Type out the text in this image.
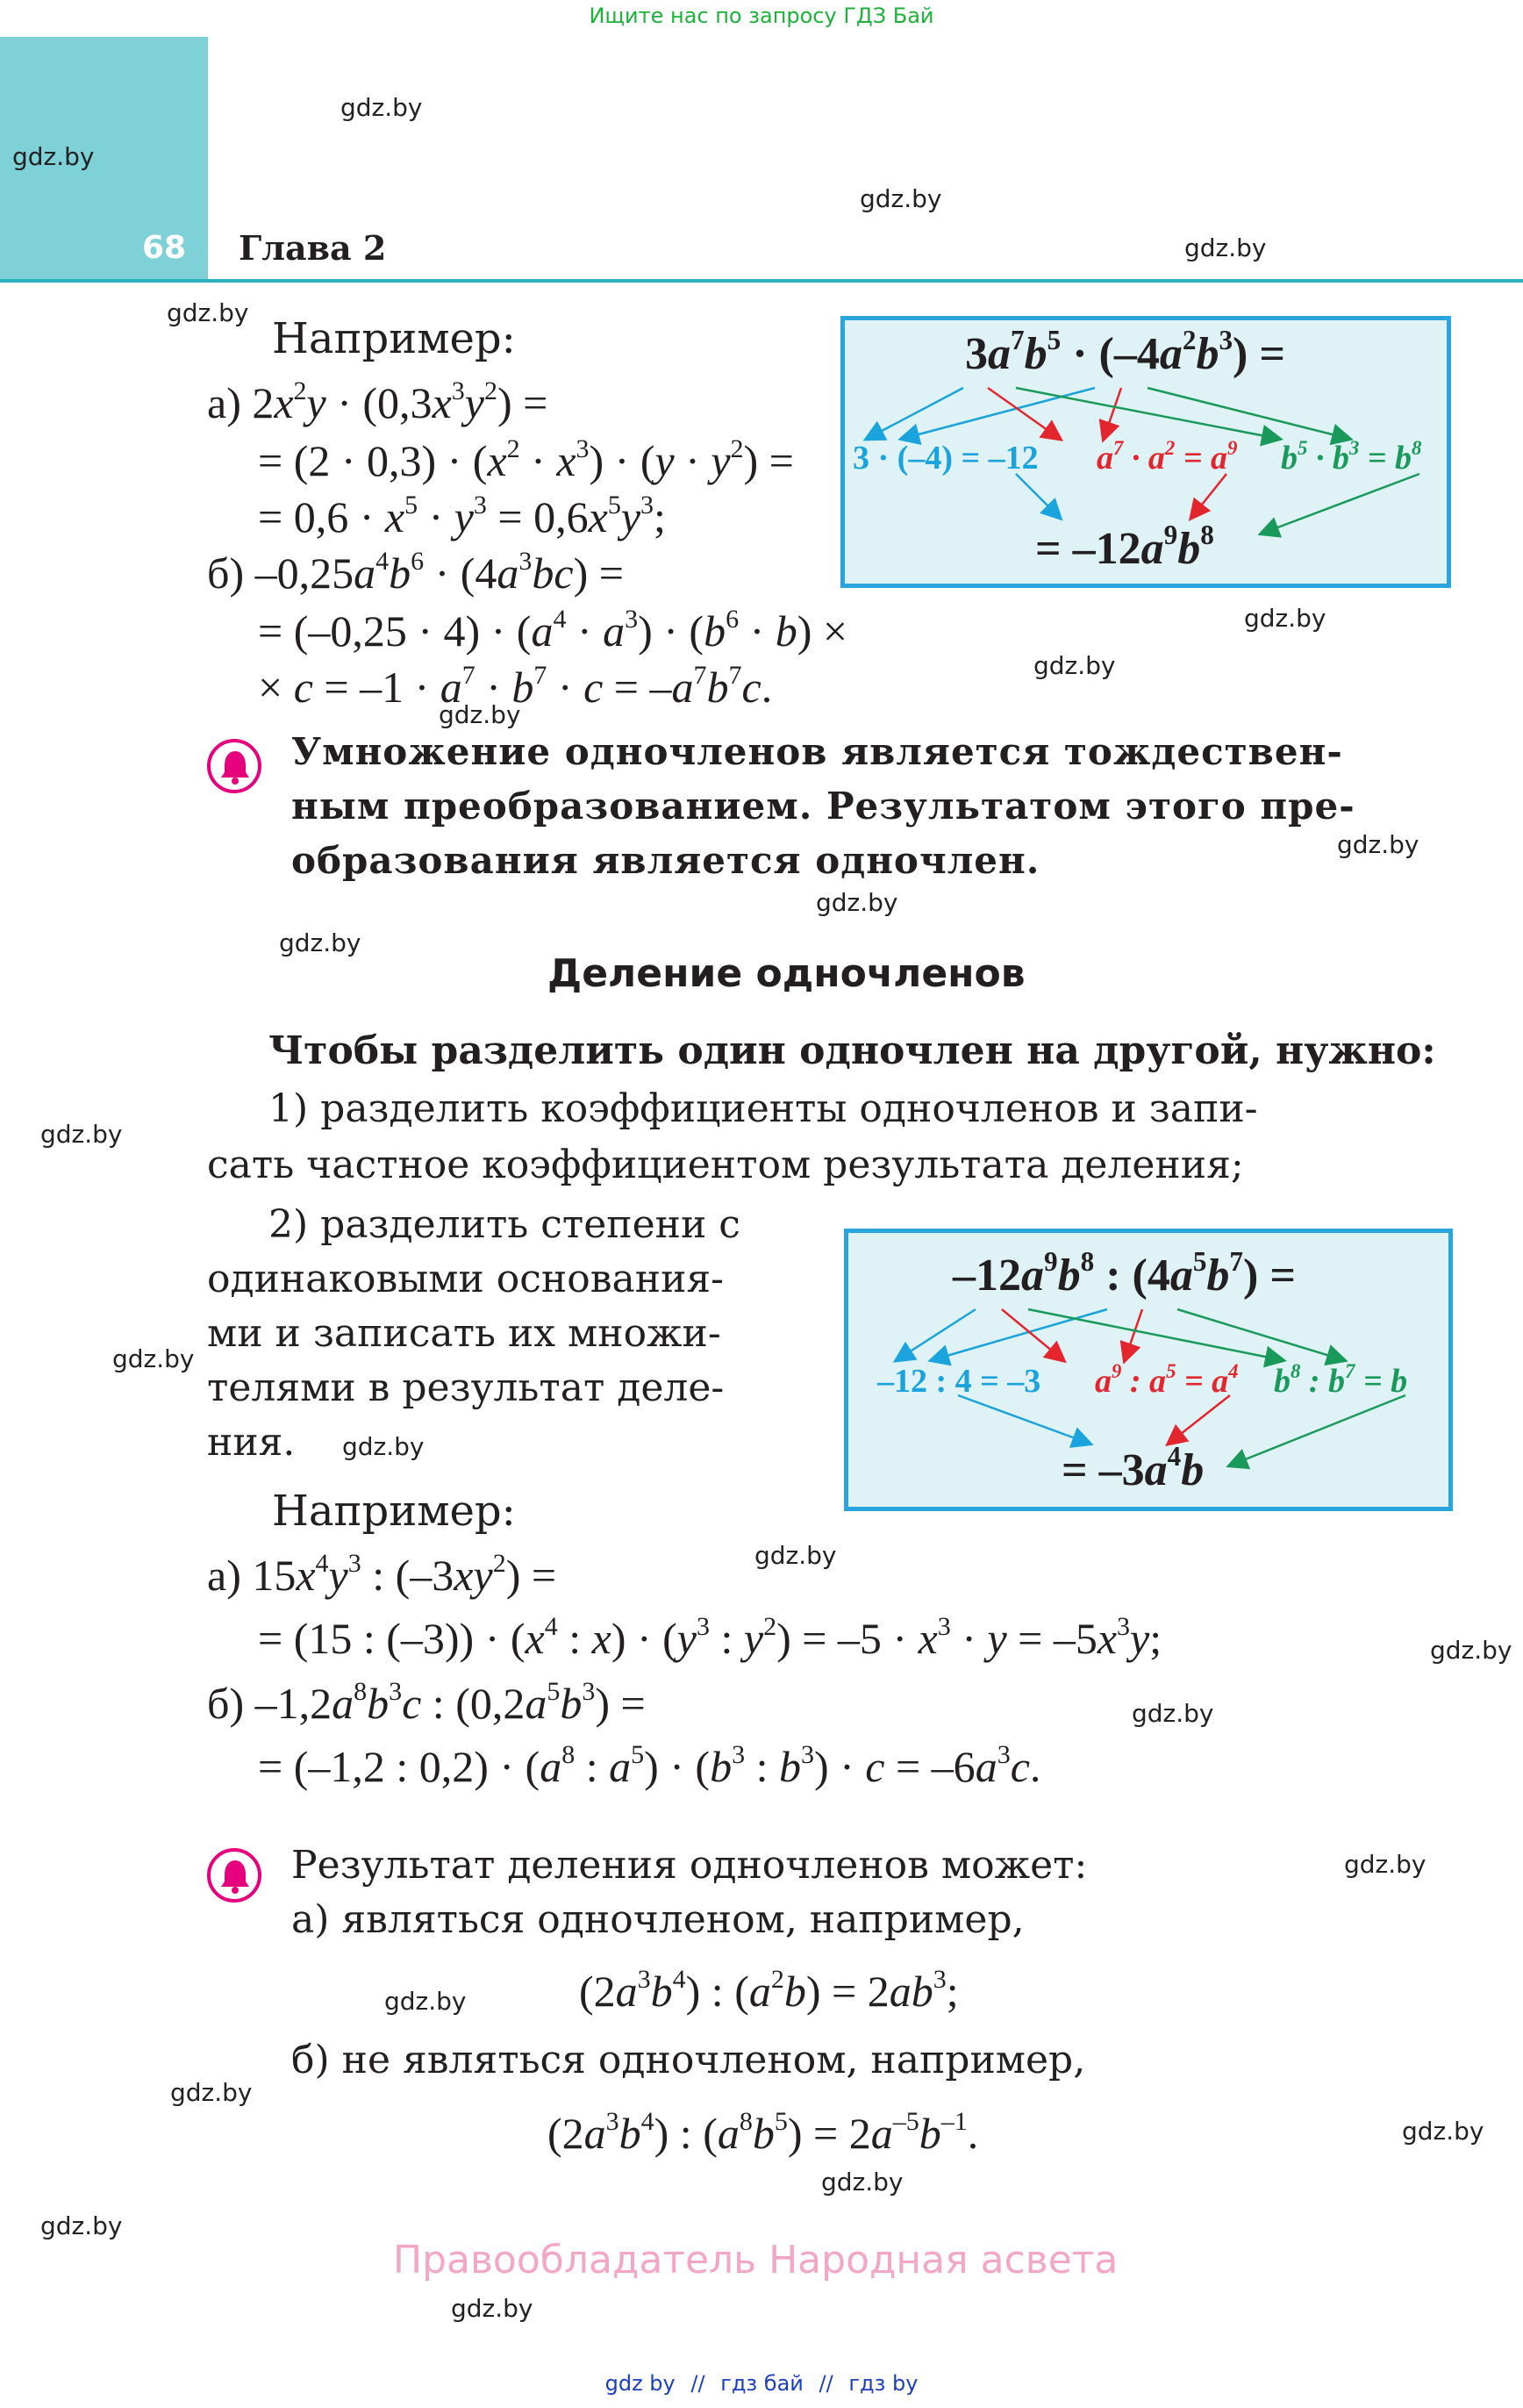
Ищите нас по запросу ГДЗ Бай
68 Глава 2
gdz.by
gdz.by
gdz.by
gdz.by
gdz.by
gdz.by
gdz.by
gdz.by
gdz.by
gdz.by
gdz.by
gdz.by
gdz.by
gdz.by
gdz.by
gdz.by
gdz.by
gdz.by
gdz.by
gdz.by
gdz.by
gdz.by
gdz.by
gdz.by
Например:
а) $2x^2y \cdot (0,3x^3y^2)$ =
= $(2 \cdot 0,3) \cdot (x^2 \cdot x^3) \cdot (y \cdot y^2)$ =
= $0,6 \cdot x^5 \cdot y^3 = 0,6x^5y^3$;
б) $-0,25a^4b^6 \cdot (4a^3bc)$ =
= $(-0,25 \cdot 4) \cdot (a^4 \cdot a^3) \cdot (b^6 \cdot b)$ ×
× $c = -1 \cdot a^7 \cdot b^7 \cdot c = -a^7b^7c$.
$3a^7b^5 \cdot (-4a^2b^3)$ =
3 · (–4) = –12 $a^7 \cdot a^2 = a^9$ $b^5 \cdot b^3 = b^8$
= $-12a^9b^8$
Умножение одночленов является тождествен-
ным преобразованием. Результатом этого пре-
образования является одночлен.
Деление одночленов
Чтобы разделить один одночлен на другой, нужно:
1) разделить коэффициенты одночленов и запи-
сать частное коэффициентом результата деления;
2) разделить степени с
одинаковыми основания-
ми и записать их множи-
телями в результат деле-
ния.
$-12a^9b^8$ : $(4a^5b^7)$ =
–12 : 4 = –3 $a^9$ : $a^5 = a^4$ $b^8$ : $b^7 = b$
= $-3a^4b$
Например:
а) $15x^4y^3$ : $(-3xy^2)$ =
= (15 : $(-3)) \cdot (x^4$ : $x) \cdot (y^3$ : $y^2) = -5 \cdot x^3 \cdot y = -5x^3y$;
б) $-1,2a^8b^3c$ : $(0,2a^5b^3)$ =
= (–1,2 : $0,2) \cdot (a^8$ : $a^5) \cdot (b^3$ : $b^3) \cdot c = -6a^3c$.
Результат деления одночленов может:
а) являться одночленом, например,
$(2a^3b^4)$ : $(a^2b) = 2ab^3$;
б) не являться одночленом, например,
$(2a^3b^4)$ : $(a^8b^5) = 2a^{-5}b^{-1}$.
Правообладатель Народная асвета
gdz by // гдз бай // гдз by
